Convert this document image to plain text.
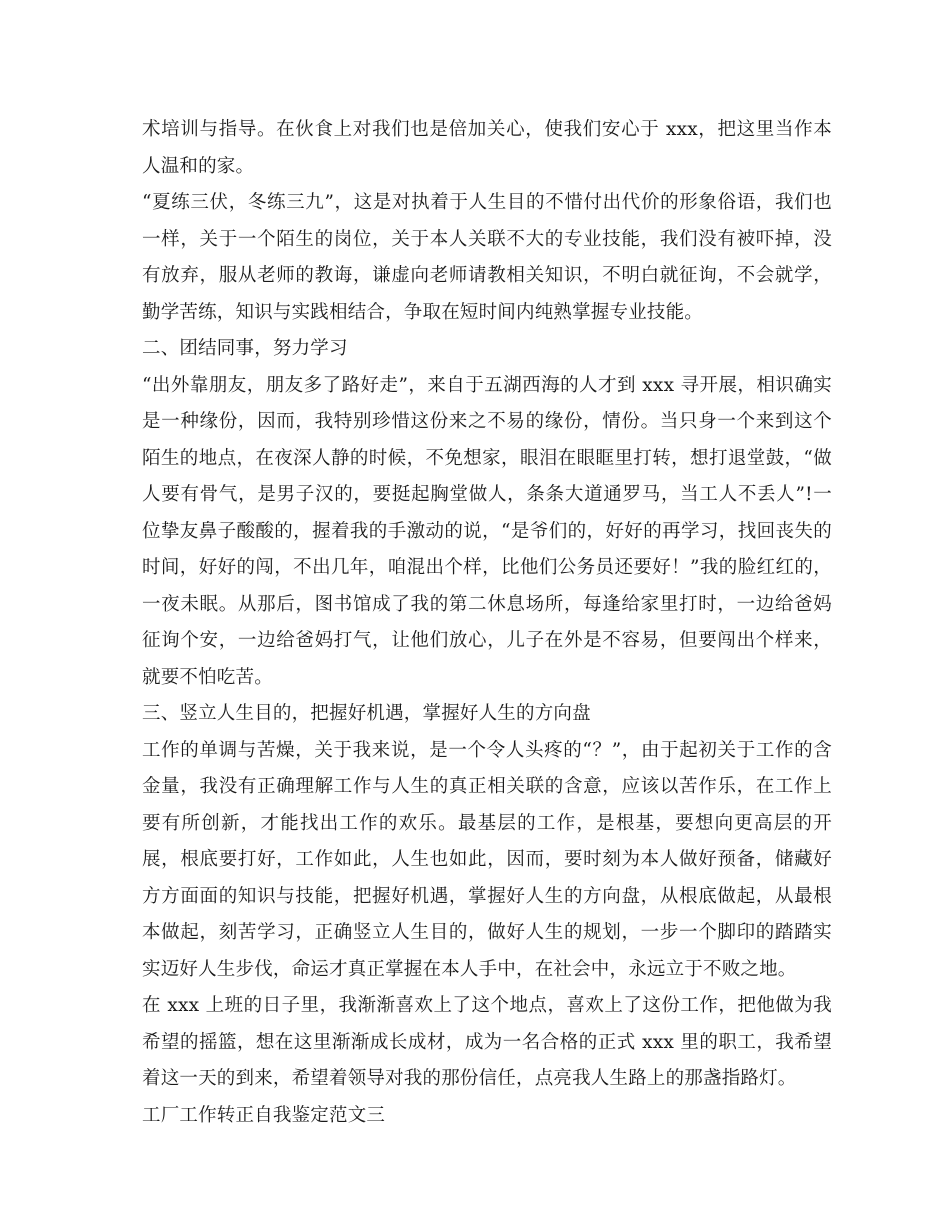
术培训与指导。在伙食上对我们也是倍加关心，使我们安心于 xxx，把这里当作本人温和的家。

“夏练三伏，冬练三九”，这是对执着于人生目的不惜付出代价的形象俗语，我们也一样，关于一个陌生的岗位，关于本人关联不大的专业技能，我们没有被吓掉，没有放弃，服从老师的教诲，谦虚向老师请教相关知识，不明白就征询，不会就学，勤学苦练，知识与实践相结合，争取在短时间内纯熟掌握专业技能。

二、团结同事，努力学习

“出外靠朋友，朋友多了路好走”，来自于五湖西海的人才到 xxx 寻开展，相识确实是一种缘份，因而，我特别珍惜这份来之不易的缘份，情份。当只身一个来到这个陌生的地点，在夜深人静的时候，不免想家，眼泪在眼眶里打转，想打退堂鼓，“做人要有骨气，是男子汉的，要挺起胸堂做人，条条大道通罗马，当工人不丢人”!一位挚友鼻子酸酸的，握着我的手激动的说，“是爷们的，好好的再学习，找回丧失的时间，好好的闯，不出几年，咱混出个样，比他们公务员还要好！”我的脸红红的，一夜未眠。从那后，图书馆成了我的第二休息场所，每逢给家里打时，一边给爸妈征询个安，一边给爸妈打气，让他们放心，儿子在外是不容易，但要闯出个样来，就要不怕吃苦。

三、竖立人生目的，把握好机遇，掌握好人生的方向盘

工作的单调与苦燥，关于我来说，是一个令人头疼的“？”，由于起初关于工作的含金量，我没有正确理解工作与人生的真正相关联的含意，应该以苦作乐，在工作上要有所创新，才能找出工作的欢乐。最基层的工作，是根基，要想向更高层的开展，根底要打好，工作如此，人生也如此，因而，要时刻为本人做好预备，储藏好方方面面的知识与技能，把握好机遇，掌握好人生的方向盘，从根底做起，从最根本做起，刻苦学习，正确竖立人生目的，做好人生的规划，一步一个脚印的踏踏实实迈好人生步伐，命运才真正掌握在本人手中，在社会中，永远立于不败之地。

在 xxx 上班的日子里，我渐渐喜欢上了这个地点，喜欢上了这份工作，把他做为我希望的摇篮，想在这里渐渐成长成材，成为一名合格的正式 xxx 里的职工，我希望着这一天的到来，希望着领导对我的那份信任，点亮我人生路上的那盏指路灯。

工厂工作转正自我鉴定范文三
